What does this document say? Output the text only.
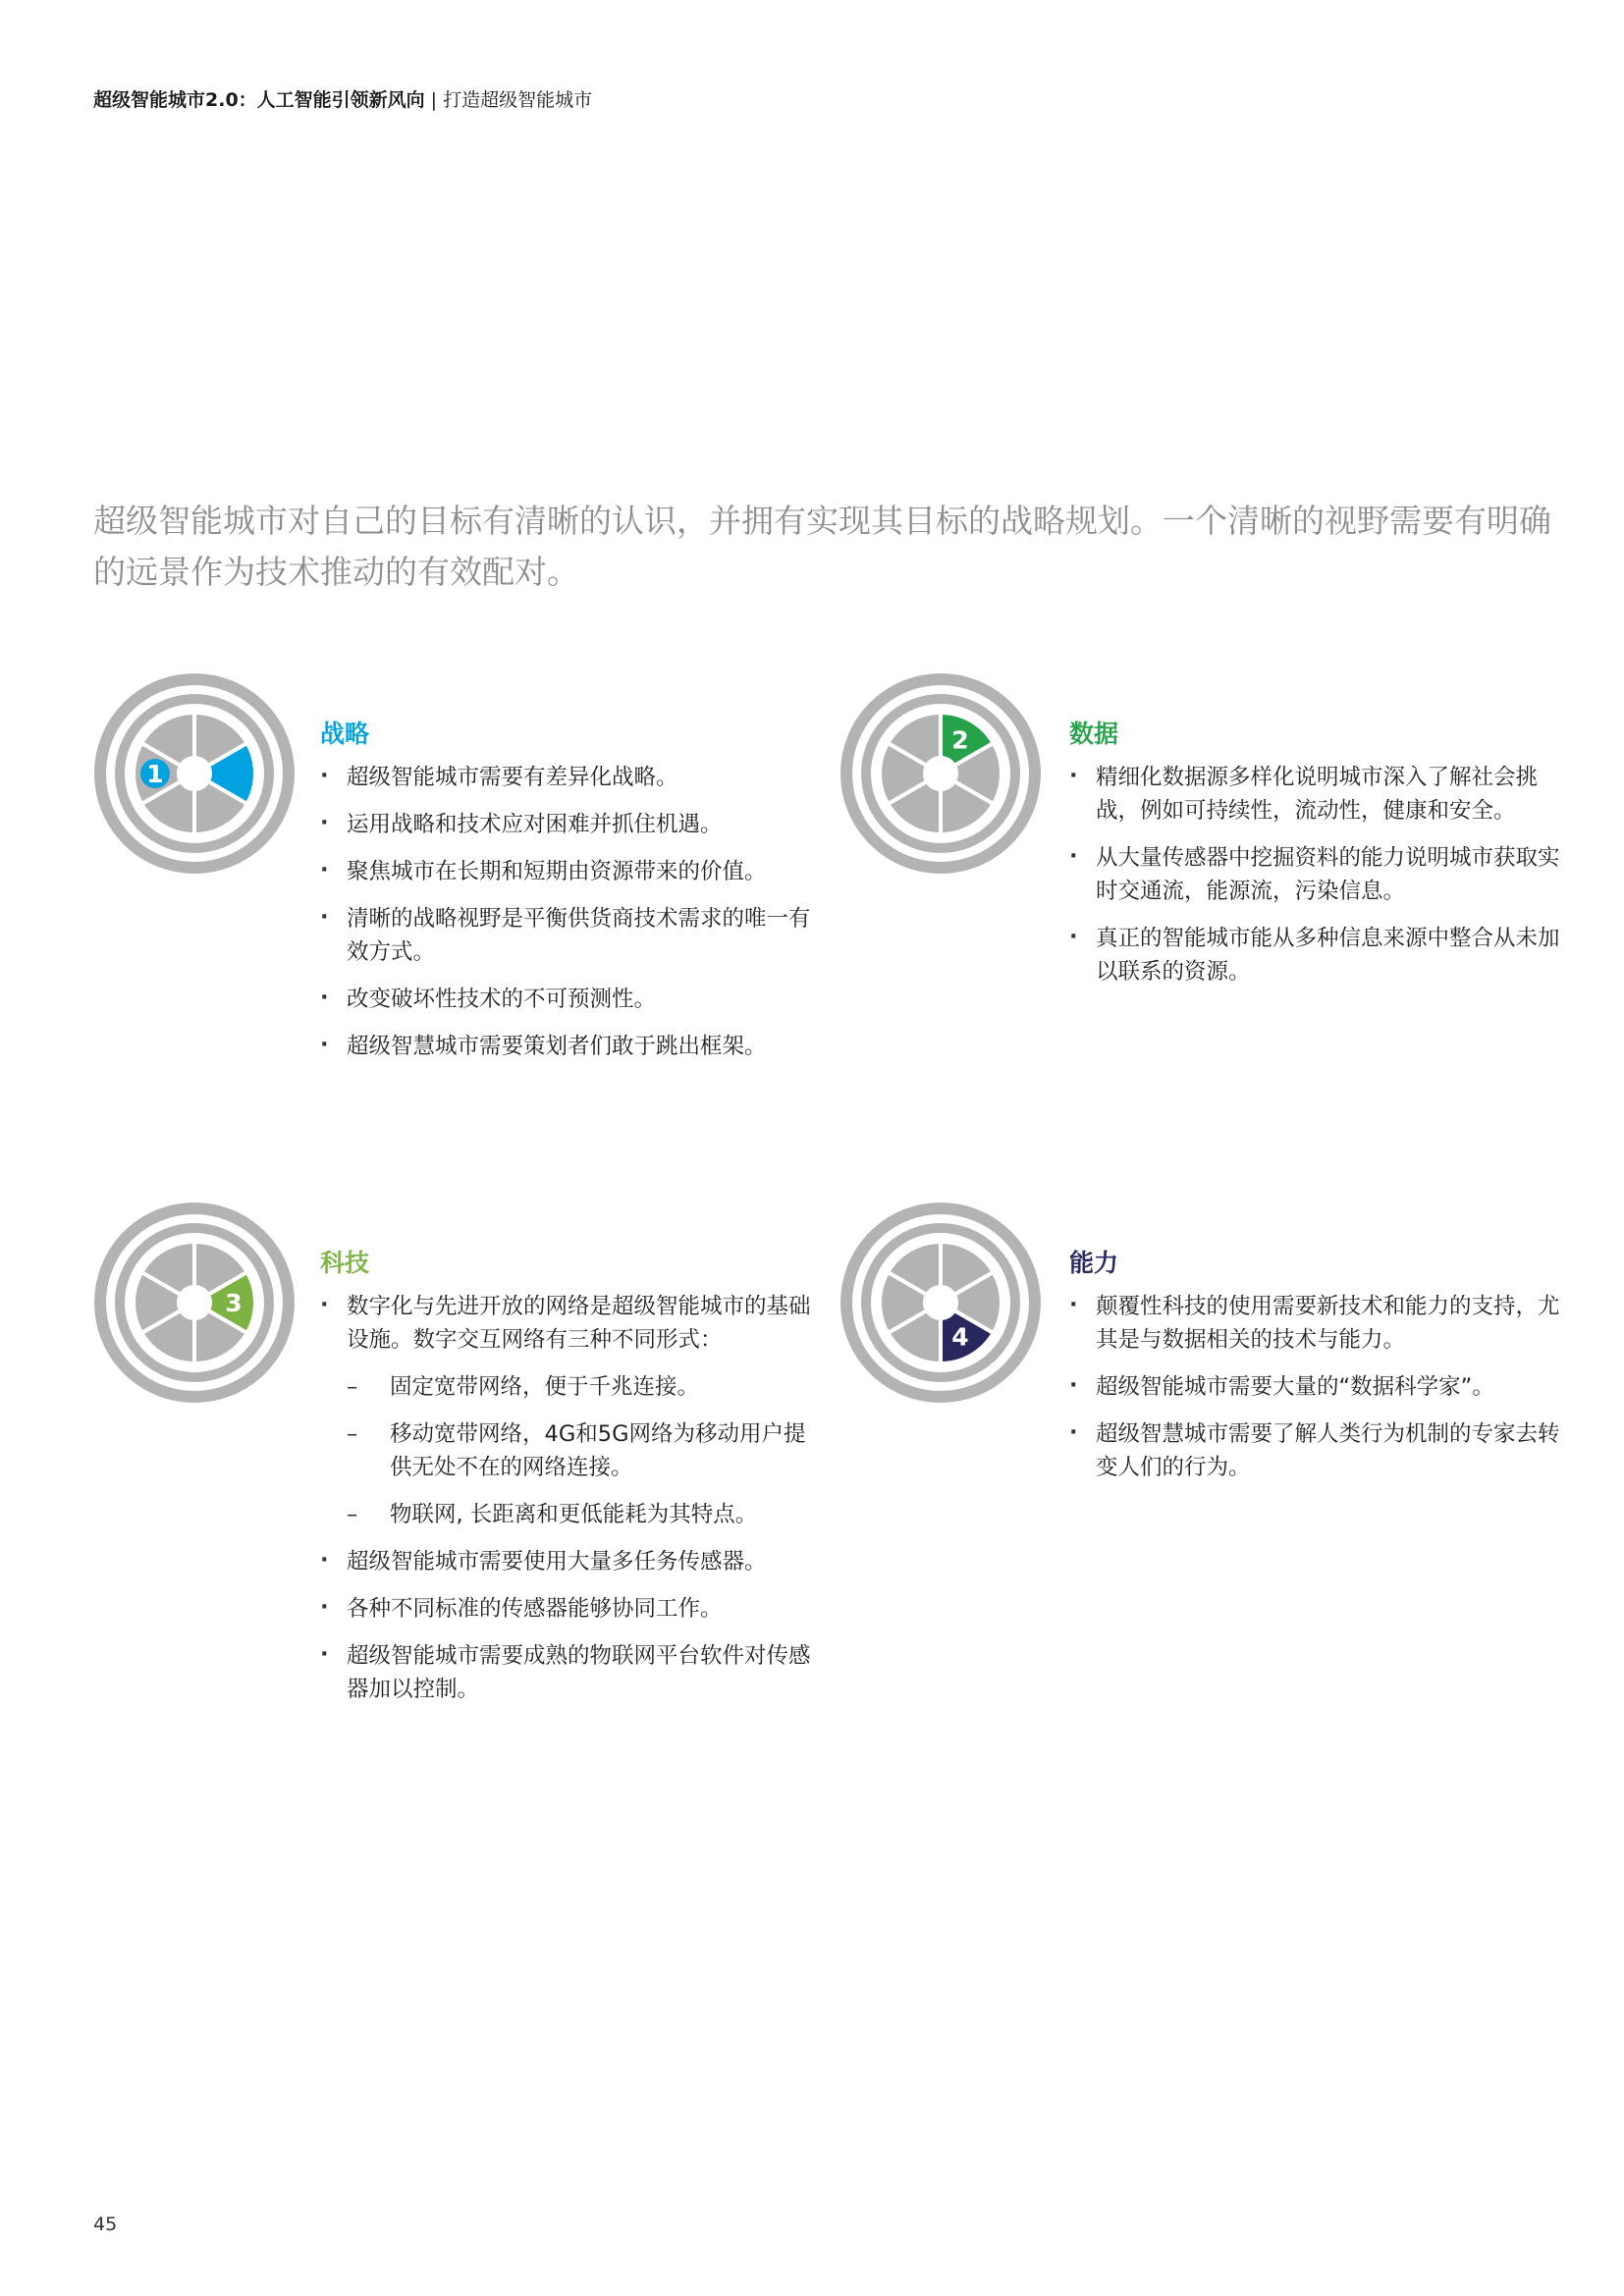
超级智能城市2.0：人工智能引领新风向 | 打造超级智能城市
超级智能城市对自己的目标有清晰的认识，并拥有实现其目标的战略规划。一个清晰的视野需要有明确的远景作为技术推动的有效配对。
1
战略
· 超级智能城市需要有差异化战略。
· 运用战略和技术应对困难并抓住机遇。
· 聚焦城市在长期和短期由资源带来的价值。
· 清晰的战略视野是平衡供货商技术需求的唯一有效方式。
· 改变破坏性技术的不可预测性。
· 超级智慧城市需要策划者们敢于跳出框架。
2	数据
· 精细化数据源多样化说明城市深入了解社会挑战，例如可持续性，流动性，健康和安全。
· 从大量传感器中挖掘资料的能力说明城市获取实时交通流，能源流，污染信息。
· 真正的智能城市能从多种信息来源中整合从未加以联系的资源。
3
科技
· 数字化与先进开放的网络是超级智能城市的基础设施。数字交互网络有三种不同形式：
– 固定宽带网络，便于千兆连接。
– 移动宽带网络，4G和5G网络为移动用户提供无处不在的网络连接。
– 物联网, 长距离和更低能耗为其特点。
· 超级智能城市需要使用大量多任务传感器。
· 各种不同标准的传感器能够协同工作。
· 超级智能城市需要成熟的物联网平台软件对传感器加以控制。
4
能力
· 颠覆性科技的使用需要新技术和能力的支持，尤其是与数据相关的技术与能力。
· 超级智能城市需要大量的“数据科学家”。
· 超级智慧城市需要了解人类行为机制的专家去转变人们的行为。
45
